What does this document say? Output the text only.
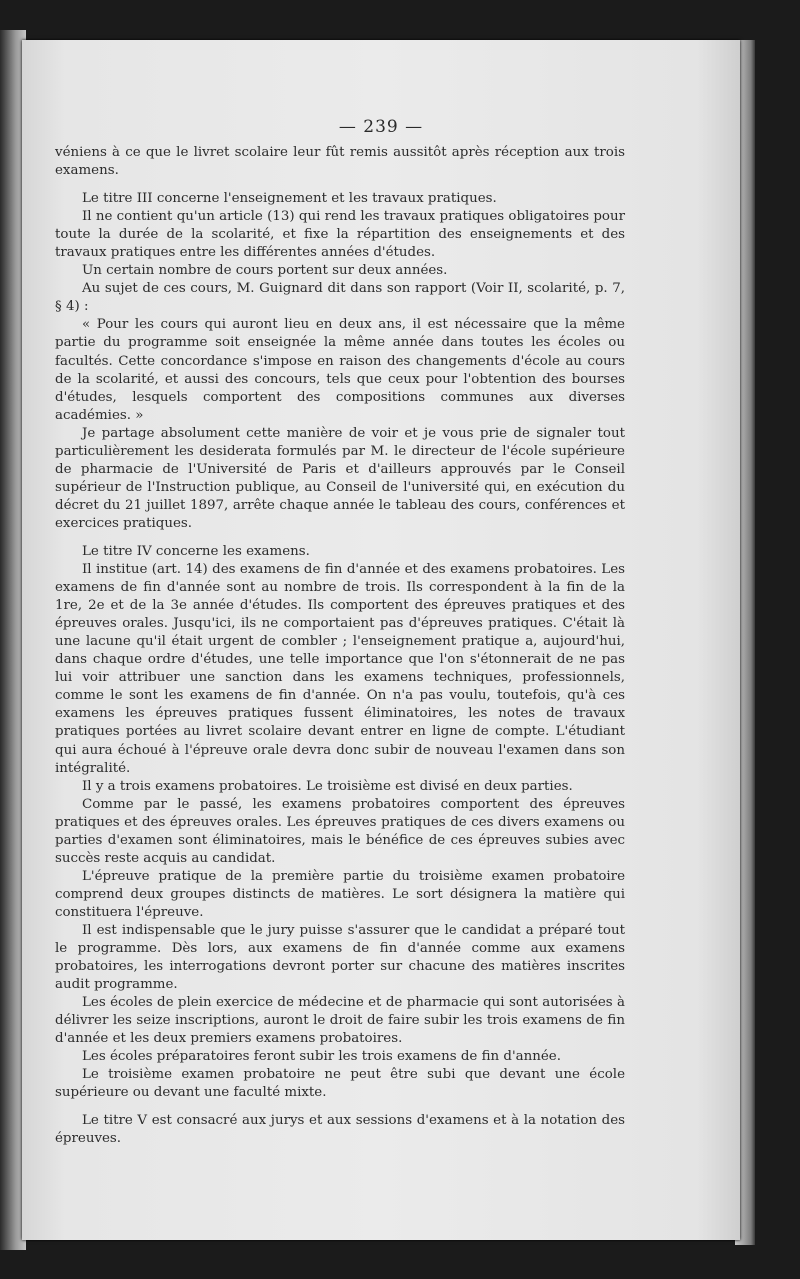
— 239 —

véniens à ce que le livret scolaire leur fût remis aussitôt après réception aux trois examens.

Le titre III concerne l'enseignement et les travaux pratiques.

Il ne contient qu'un article (13) qui rend les travaux pratiques obligatoires pour toute la durée de la scolarité, et fixe la répartition des enseignements et des travaux pratiques entre les différentes années d'études.

Un certain nombre de cours portent sur deux années.

Au sujet de ces cours, M. Guignard dit dans son rapport (Voir II, scolarité, p. 7, § 4) :

« Pour les cours qui auront lieu en deux ans, il est nécessaire que la même partie du programme soit enseignée la même année dans toutes les écoles ou facultés. Cette concordance s'impose en raison des changements d'école au cours de la scolarité, et aussi des concours, tels que ceux pour l'obtention des bourses d'études, lesquels comportent des compositions communes aux diverses académies. »

Je partage absolument cette manière de voir et je vous prie de signaler tout particulièrement les desiderata formulés par M. le directeur de l'école supérieure de pharmacie de l'Université de Paris et d'ailleurs approuvés par le Conseil supérieur de l'Instruction publique, au Conseil de l'université qui, en exécution du décret du 21 juillet 1897, arrête chaque année le tableau des cours, conférences et exercices pratiques.

Le titre IV concerne les examens.

Il institue (art. 14) des examens de fin d'année et des examens probatoires. Les examens de fin d'année sont au nombre de trois. Ils correspondent à la fin de la 1re, 2e et de la 3e année d'études. Ils comportent des épreuves pratiques et des épreuves orales. Jusqu'ici, ils ne comportaient pas d'épreuves pratiques. C'était là une lacune qu'il était urgent de combler ; l'enseignement pratique a, aujourd'hui, dans chaque ordre d'études, une telle importance que l'on s'étonnerait de ne pas lui voir attribuer une sanction dans les examens techniques, professionnels, comme le sont les examens de fin d'année. On n'a pas voulu, toutefois, qu'à ces examens les épreuves pratiques fussent éliminatoires, les notes de travaux pratiques portées au livret scolaire devant entrer en ligne de compte. L'étudiant qui aura échoué à l'épreuve orale devra donc subir de nouveau l'examen dans son intégralité.

Il y a trois examens probatoires. Le troisième est divisé en deux parties.

Comme par le passé, les examens probatoires comportent des épreuves pratiques et des épreuves orales. Les épreuves pratiques de ces divers examens ou parties d'examen sont éliminatoires, mais le bénéfice de ces épreuves subies avec succès reste acquis au candidat.

L'épreuve pratique de la première partie du troisième examen probatoire comprend deux groupes distincts de matières. Le sort désignera la matière qui constituera l'épreuve.

Il est indispensable que le jury puisse s'assurer que le candidat a préparé tout le programme. Dès lors, aux examens de fin d'année comme aux examens probatoires, les interrogations devront porter sur chacune des matières inscrites audit programme.

Les écoles de plein exercice de médecine et de pharmacie qui sont autorisées à délivrer les seize inscriptions, auront le droit de faire subir les trois examens de fin d'année et les deux premiers examens probatoires.

Les écoles préparatoires feront subir les trois examens de fin d'année.

Le troisième examen probatoire ne peut être subi que devant une école supérieure ou devant une faculté mixte.

Le titre V est consacré aux jurys et aux sessions d'examens et à la notation des épreuves.
